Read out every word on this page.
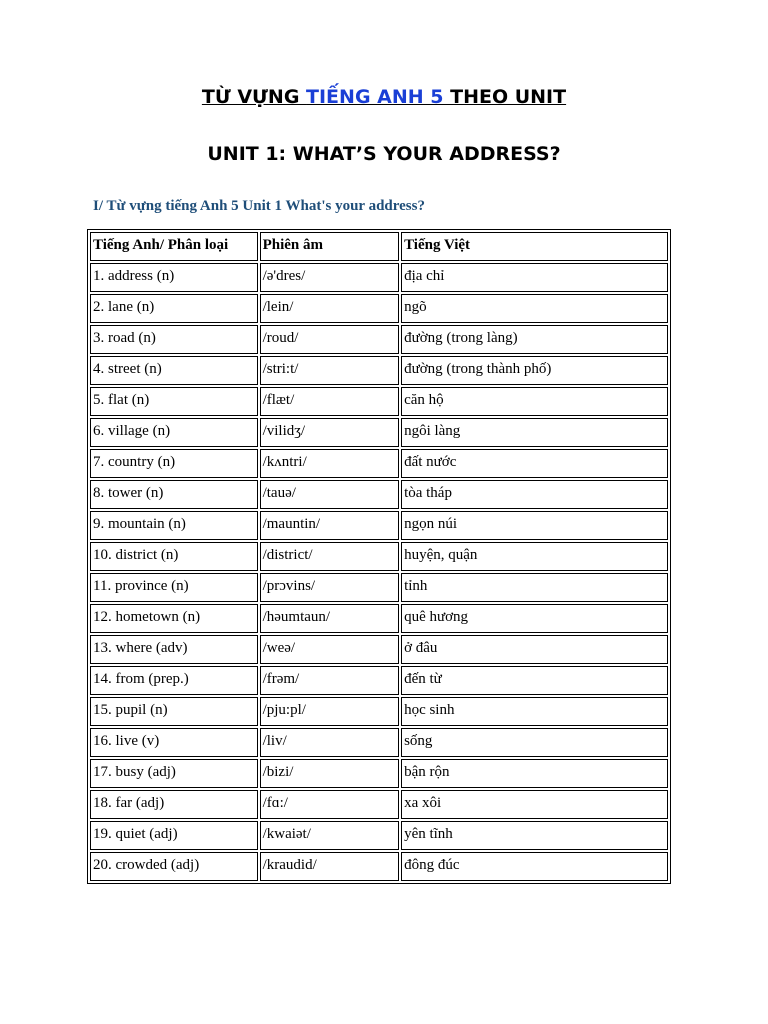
TỪ VỰNG TIẾNG ANH 5 THEO UNIT
UNIT 1: WHAT’S YOUR ADDRESS?
I/ Từ vựng tiếng Anh 5 Unit 1 What's your address?
Tiếng Anh/ Phân loại	Phiên âm	Tiếng Việt
1. address (n)	/ə'dres/	địa chỉ
2. lane (n)	/lein/	ngõ
3. road (n)	/roud/	đường (trong làng)
4. street (n)	/stri:t/	đường (trong thành phố)
5. flat (n)	/flæt/	căn hộ
6. village (n)	/vilidʒ/	ngôi làng
7. country (n)	/kʌntri/	đất nước
8. tower (n)	/tauə/	tòa tháp
9. mountain (n)	/mauntin/	ngọn núi
10. district (n)	/district/	huyện, quận
11. province (n)	/prɔvins/	tỉnh
12. hometown (n)	/həumtaun/	quê hương
13. where (adv)	/weə/	ở đâu
14. from (prep.)	/frəm/	đến từ
15. pupil (n)	/pju:pl/	học sinh
16. live (v)	/liv/	sống
17. busy (adj)	/bizi/	bận rộn
18. far (adj)	/fɑ:/	xa xôi
19. quiet (adj)	/kwaiət/	yên tĩnh
20. crowded (adj)	/kraudid/	đông đúc
